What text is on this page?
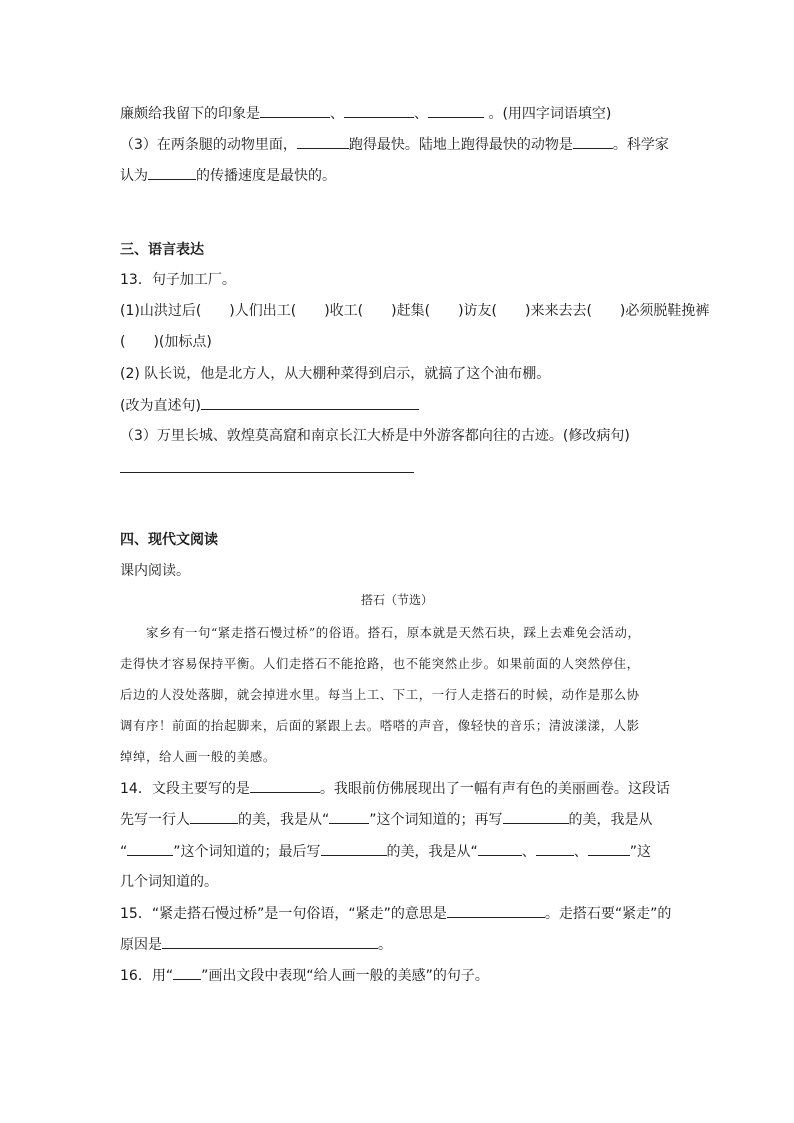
廉颇给我留下的印象是	、	、	。(用四字词语填空)
（3）在两条腿的动物里面，	跑得最快。陆地上跑得最快的动物是	。科学家
认为	的传播速度是最快的。
三、语言表达
13．句子加工厂。
(1)山洪过后(　　)人们出工(　　)收工(　　)赶集(　　)访友(　　)来来去去(　　)必须脱鞋挽裤
(　　)(加标点)
(2) 队长说，他是北方人，从大棚种菜得到启示，就搞了这个油布棚。
(改为直述句)
（3）万里长城、敦煌莫高窟和南京长江大桥是中外游客都向往的古迹。(修改病句)
四、现代文阅读
课内阅读。
搭石（节选）
家乡有一句“紧走搭石慢过桥”的俗语。搭石，原本就是天然石块，踩上去难免会活动，
走得快才容易保持平衡。人们走搭石不能抢路，也不能突然止步。如果前面的人突然停住，
后边的人没处落脚，就会掉进水里。每当上工、下工，一行人走搭石的时候，动作是那么协
调有序！前面的抬起脚来，后面的紧跟上去。嗒嗒的声音，像轻快的音乐；清波漾漾，人影
绰绰，给人画一般的美感。
14．文段主要写的是	。我眼前仿佛展现出了一幅有声有色的美丽画卷。这段话
先写一行人	的美，我是从“	”这个词知道的；再写	的美，我是从
“	”这个词知道的；最后写	的美，我是从“	、	、	”这
几个词知道的。
15．“紧走搭石慢过桥”是一句俗语，“紧走”的意思是	。走搭石要“紧走”的
原因是	。
16．用“ ”画出文段中表现“给人画一般的美感”的句子。
